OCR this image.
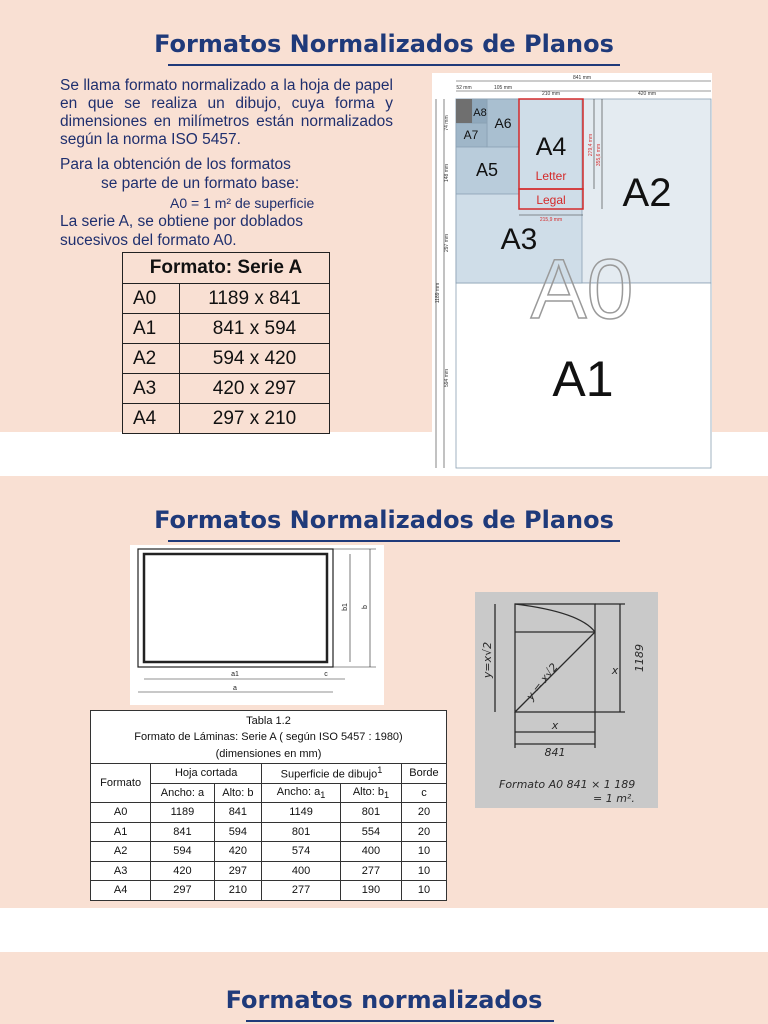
Formatos Normalizados de Planos
Se llama formato normalizado a la hoja de papel en que se realiza un dibujo, cuya forma y dimensiones en milímetros están normalizados según la norma ISO 5457.
Para la obtención de los formatos
se parte de un formato base:
A0 = 1 m² de superficie
La serie A, se obtiene por doblados
sucesivos del formato A0.
Formato: Serie A	
A0	1189 x 841
A1	841 x 594
A2	594 x 420
A3	420 x 297
A4	297 x 210
841 mm
52 mm	105 mm
210 mm	420 mm
215,9 mm
74 mm
148 mm
297 mm
594 mm
1189 mm
279,4 mm 355,6 mm
A8
A7
A6
A5
A4
Letter
Legal
A3
A2
A0
A1
Formatos Normalizados de Planos
a1
a
c
b1 b
Tabla 1.2					
Formato de Láminas: Serie A ( según ISO 5457 : 1980)					
(dimensiones en mm)					
Formato	Hoja cortada		Superficie de dibujo$^1$		Borde
	Ancho: a	Alto: b	Ancho: $a_1$	Alto: $b_1$	c
A0	1189	841	1149	801	20
A1	841	594	801	554	20
A2	594	420	574	400	10
A3	420	297	400	277	10
A4	297	210	277	190	10
y=x√2
y = x√2	x
x
1189
841
Formato A0 841 × 1 189
= 1 m².
Formatos normalizados
